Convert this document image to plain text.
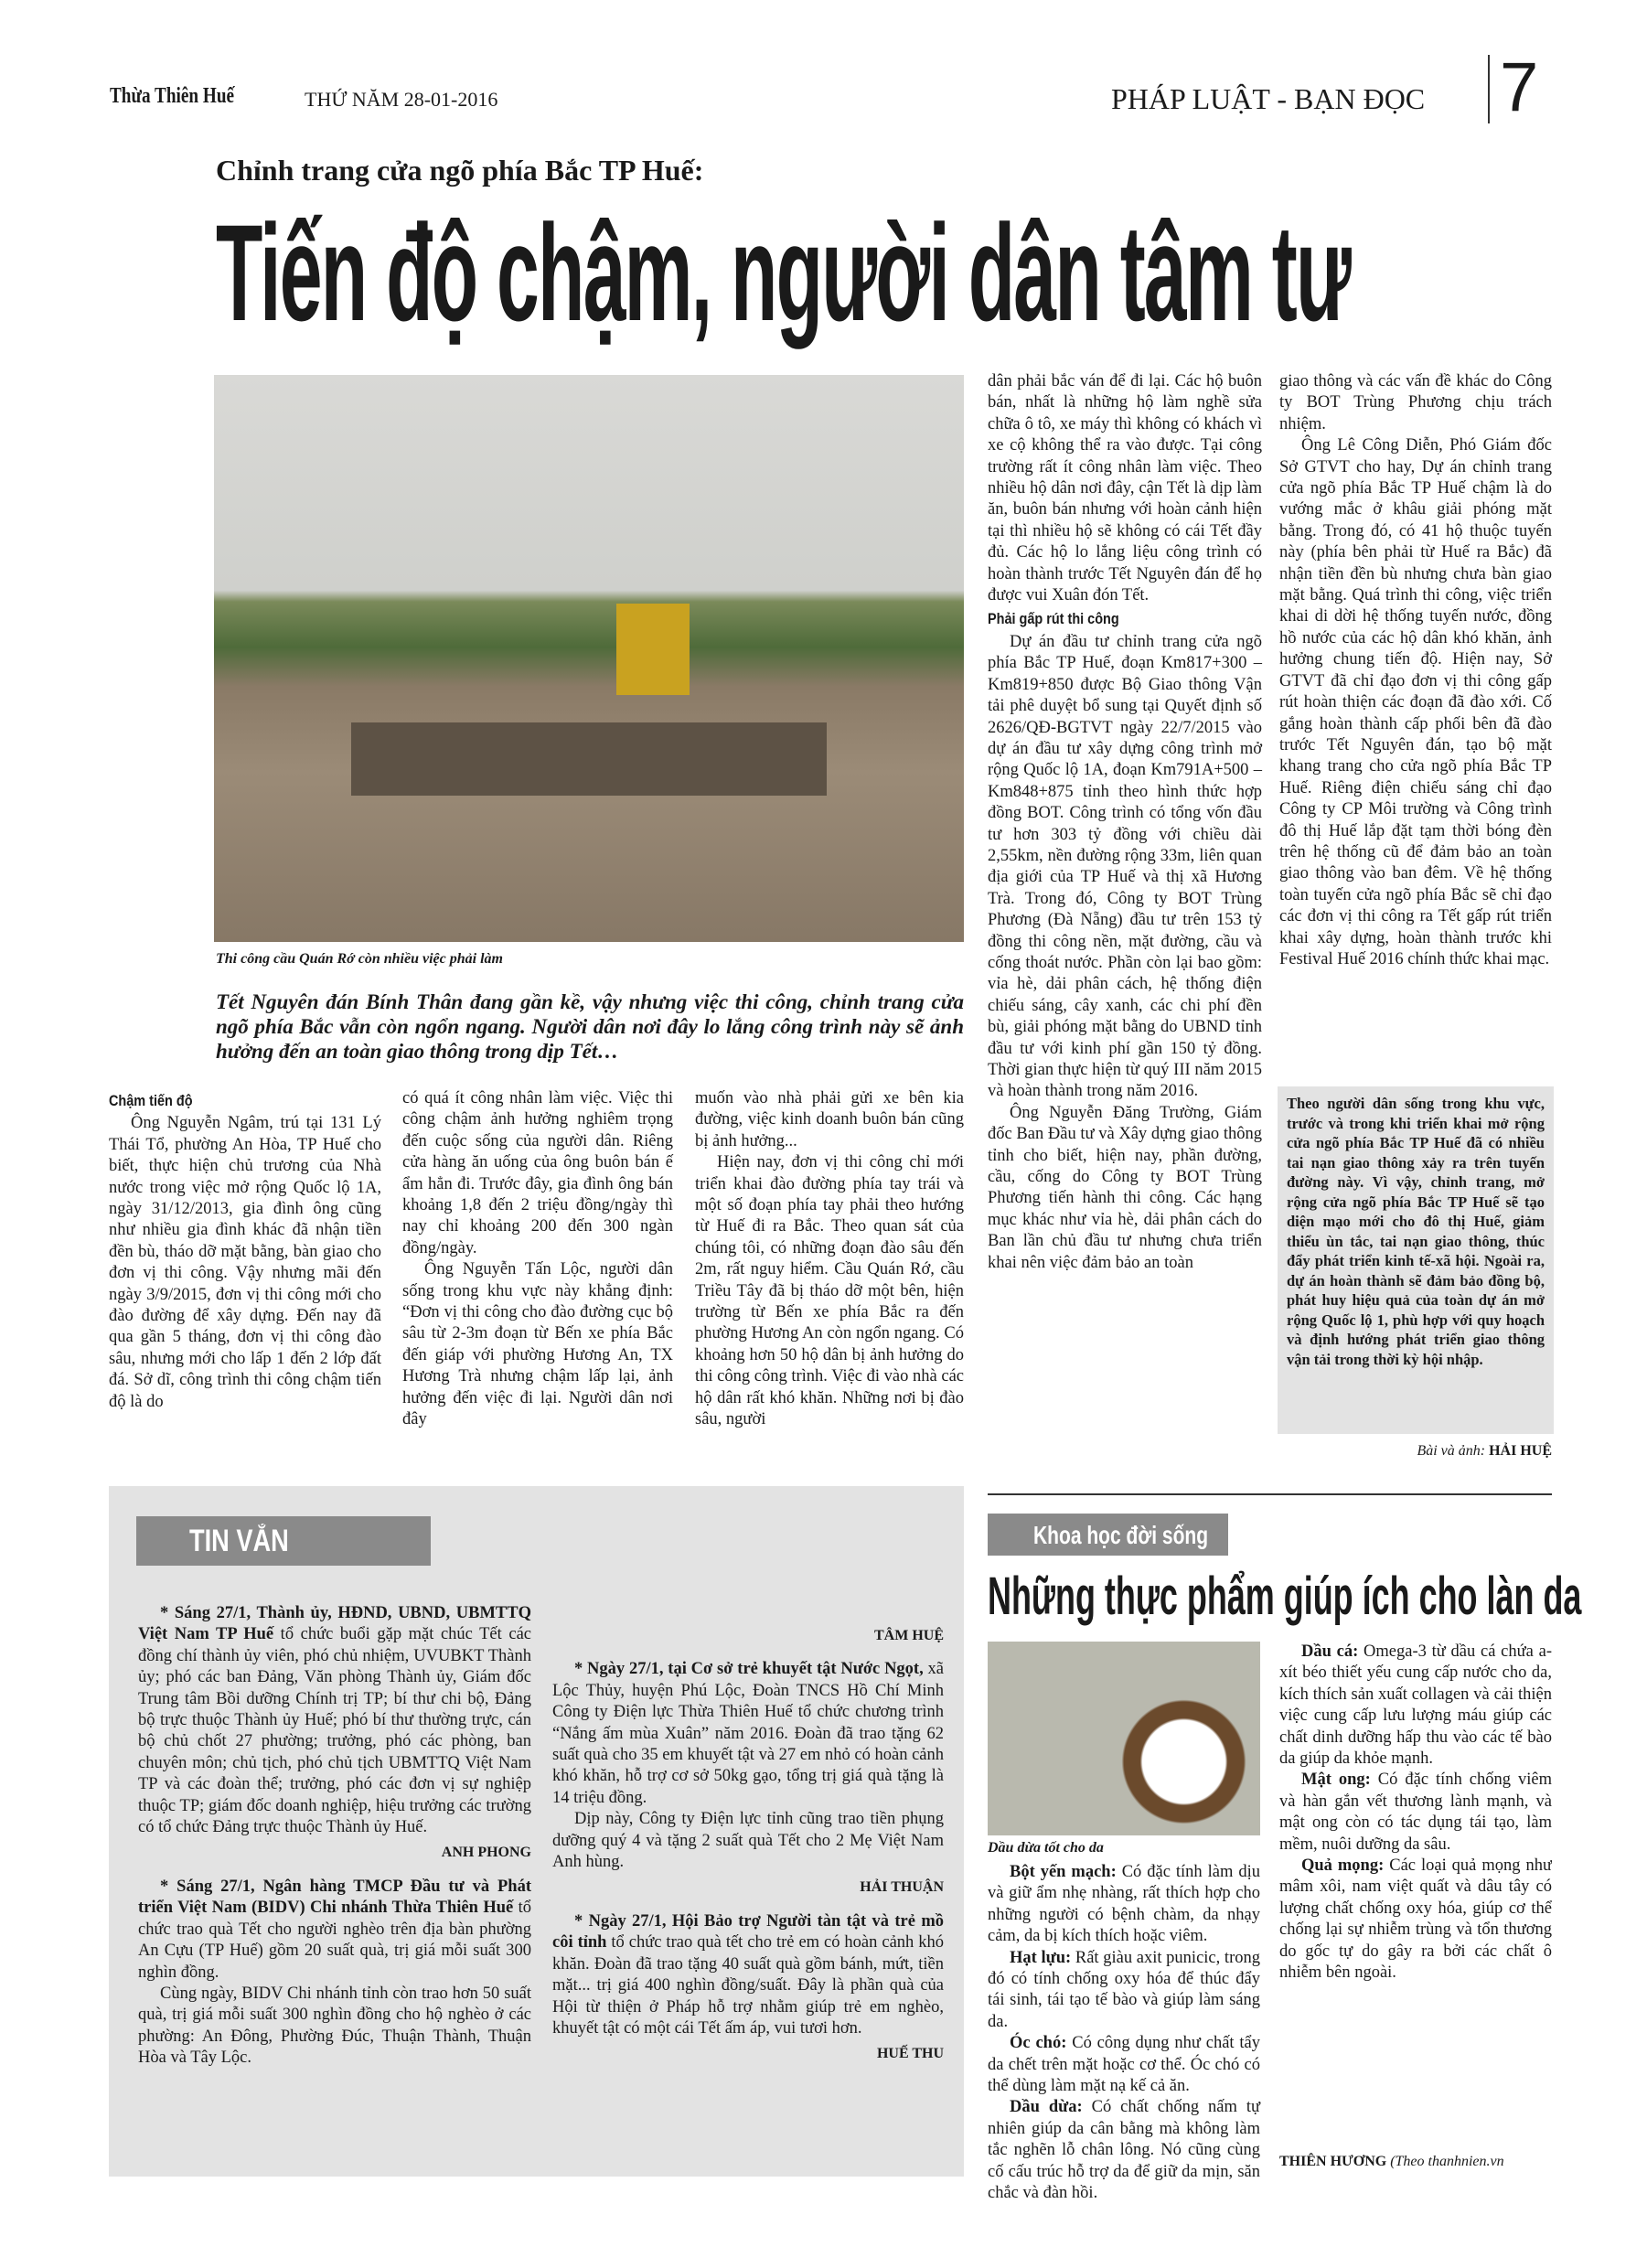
Thừa Thiên Huế	THỨ NĂM 28-01-2016	PHÁP LUẬT - BẠN ĐỌC 7
Chỉnh trang cửa ngõ phía Bắc TP Huế:
Tiến độ chậm, người dân tâm tư
Thi công cầu Quán Rớ còn nhiều việc phải làm
Tết Nguyên đán Bính Thân đang gần kề, vậy nhưng việc thi công, chỉnh trang cửa ngõ phía Bắc vẫn còn ngổn ngang. Người dân nơi đây lo lắng công trình này sẽ ảnh hưởng đến an toàn giao thông trong dịp Tết…
Chậm tiến độ

Ông Nguyễn Ngâm, trú tại 131 Lý Thái Tổ, phường An Hòa, TP Huế cho biết, thực hiện chủ trương của Nhà nước trong việc mở rộng Quốc lộ 1A, ngày 31/12/2013, gia đình ông cũng như nhiều gia đình khác đã nhận tiền đền bù, tháo dỡ mặt bằng, bàn giao cho đơn vị thi công. Vậy nhưng mãi đến ngày 3/9/2015, đơn vị thi công mới cho đào đường để xây dựng. Đến nay đã qua gần 5 tháng, đơn vị thi công đào sâu, nhưng mới cho lấp 1 đến 2 lớp đất đá. Sở dĩ, công trình thi công chậm tiến độ là do

có quá ít công nhân làm việc. Việc thi công chậm ảnh hưởng nghiêm trọng đến cuộc sống của người dân. Riêng cửa hàng ăn uống của ông buôn bán ế ẩm hẳn đi. Trước đây, gia đình ông bán khoảng 1,8 đến 2 triệu đồng/ngày thì nay chỉ khoảng 200 đến 300 ngàn đồng/ngày.

Ông Nguyễn Tấn Lộc, người dân sống trong khu vực này khẳng định: “Đơn vị thi công cho đào đường cục bộ sâu từ 2-3m đoạn từ Bến xe phía Bắc đến giáp với phường Hương An, TX Hương Trà nhưng chậm lấp lại, ảnh hưởng đến việc đi lại. Người dân nơi đây

muốn vào nhà phải gửi xe bên kia đường, việc kinh doanh buôn bán cũng bị ảnh hưởng...

Hiện nay, đơn vị thi công chỉ mới triển khai đào đường phía tay trái và một số đoạn phía tay phải theo hướng từ Huế đi ra Bắc. Theo quan sát của chúng tôi, có những đoạn đào sâu đến 2m, rất nguy hiểm. Cầu Quán Rớ, cầu Triều Tây đã bị tháo dỡ một bên, hiện trường từ Bến xe phía Bắc ra đến phường Hương An còn ngổn ngang. Có khoảng hơn 50 hộ dân bị ảnh hưởng do thi công công trình. Việc đi vào nhà các hộ dân rất khó khăn. Những nơi bị đào sâu, người

dân phải bắc ván để đi lại. Các hộ buôn bán, nhất là những hộ làm nghề sửa chữa ô tô, xe máy thì không có khách vì xe cộ không thể ra vào được. Tại công trường rất ít công nhân làm việc. Theo nhiều hộ dân nơi đây, cận Tết là dịp làm ăn, buôn bán nhưng với hoàn cảnh hiện tại thì nhiều hộ sẽ không có cái Tết đầy đủ. Các hộ lo lắng liệu công trình có hoàn thành trước Tết Nguyên đán để họ được vui Xuân đón Tết.

Phải gấp rút thi công

Dự án đầu tư chỉnh trang cửa ngõ phía Bắc TP Huế, đoạn Km817+300 – Km819+850 được Bộ Giao thông Vận tải phê duyệt bổ sung tại Quyết định số 2626/QĐ-BGTVT ngày 22/7/2015 vào dự án đầu tư xây dựng công trình mở rộng Quốc lộ 1A, đoạn Km791A+500 – Km848+875 tỉnh theo hình thức hợp đồng BOT. Công trình có tổng vốn đầu tư hơn 303 tỷ đồng với chiều dài 2,55km, nền đường rộng 33m, liên quan địa giới của TP Huế và thị xã Hương Trà. Trong đó, Công ty BOT Trùng Phương (Đà Nẵng) đầu tư trên 153 tỷ đồng thi công nền, mặt đường, cầu và cống thoát nước. Phần còn lại bao gồm: vỉa hè, dải phân cách, hệ thống điện chiếu sáng, cây xanh, các chi phí đền bù, giải phóng mặt bằng do UBND tỉnh đầu tư với kinh phí gần 150 tỷ đồng. Thời gian thực hiện từ quý III năm 2015 và hoàn thành trong năm 2016.

Ông Nguyễn Đăng Trường, Giám đốc Ban Đầu tư và Xây dựng giao thông tỉnh cho biết, hiện nay, phần đường, cầu, cống do Công ty BOT Trùng Phương tiến hành thi công. Các hạng mục khác như vỉa hè, dải phân cách do Ban lần chủ đầu tư nhưng chưa triển khai nên việc đảm bảo an toàn

giao thông và các vấn đề khác do Công ty BOT Trùng Phương chịu trách nhiệm.

Ông Lê Công Diễn, Phó Giám đốc Sở GTVT cho hay, Dự án chỉnh trang cửa ngõ phía Bắc TP Huế chậm là do vướng mắc ở khâu giải phóng mặt bằng. Trong đó, có 41 hộ thuộc tuyến này (phía bên phải từ Huế ra Bắc) đã nhận tiền đền bù nhưng chưa bàn giao mặt bằng. Quá trình thi công, việc triển khai di dời hệ thống tuyến nước, đồng hồ nước của các hộ dân khó khăn, ảnh hưởng chung tiến độ. Hiện nay, Sở GTVT đã chỉ đạo đơn vị thi công gấp rút hoàn thiện các đoạn đã đào xới. Cố gắng hoàn thành cấp phối bên đã đào trước Tết Nguyên đán, tạo bộ mặt khang trang cho cửa ngõ phía Bắc TP Huế. Riêng điện chiếu sáng chỉ đạo Công ty CP Môi trường và Công trình đô thị Huế lắp đặt tạm thời bóng đèn trên hệ thống cũ để đảm bảo an toàn giao thông vào ban đêm. Về hệ thống toàn tuyến cửa ngõ phía Bắc sẽ chỉ đạo các đơn vị thi công ra Tết gấp rút triển khai xây dựng, hoàn thành trước khi Festival Huế 2016 chính thức khai mạc.

Theo người dân sống trong khu vực, trước và trong khi triển khai mở rộng cửa ngõ phía Bắc TP Huế đã có nhiều tai nạn giao thông xảy ra trên tuyến đường này. Vì vậy, chỉnh trang, mở rộng cửa ngõ phía Bắc TP Huế sẽ tạo diện mạo mới cho đô thị Huế, giảm thiểu ùn tắc, tai nạn giao thông, thúc đẩy phát triển kinh tế-xã hội. Ngoài ra, dự án hoàn thành sẽ đảm bảo đồng bộ, phát huy hiệu quả của toàn dự án mở rộng Quốc lộ 1, phù hợp với quy hoạch và định hướng phát triển giao thông vận tải trong thời kỳ hội nhập.
Bài và ảnh: HẢI HUỆ
TIN VẮN

* Sáng 27/1, Thành ủy, HĐND, UBND, UBMTTQ Việt Nam TP Huế tổ chức buổi gặp mặt chúc Tết các đồng chí thành ủy viên, phó chủ nhiệm, UVUBKT Thành ủy; phó các ban Đảng, Văn phòng Thành ủy, Giám đốc Trung tâm Bồi dưỡng Chính trị TP; bí thư chi bộ, Đảng bộ trực thuộc Thành ủy Huế; phó bí thư thường trực, cán bộ chủ chốt 27 phường; trưởng, phó các phòng, ban chuyên môn; chủ tịch, phó chủ tịch UBMTTQ Việt Nam TP và các đoàn thể; trưởng, phó các đơn vị sự nghiệp thuộc TP; giám đốc doanh nghiệp, hiệu trưởng các trường có tổ chức Đảng trực thuộc Thành ủy Huế.

ANH PHONG

* Sáng 27/1, Ngân hàng TMCP Đầu tư và Phát triển Việt Nam (BIDV) Chi nhánh Thừa Thiên Huế tổ chức trao quà Tết cho người nghèo trên địa bàn phường An Cựu (TP Huế) gồm 20 suất quà, trị giá mỗi suất 300 nghìn đồng.

Cùng ngày, BIDV Chi nhánh tỉnh còn trao hơn 50 suất quà, trị giá mỗi suất 300 nghìn đồng cho hộ nghèo ở các phường: An Đông, Phường Đúc, Thuận Thành, Thuận Hòa và Tây Lộc.

TÂM HUỆ

* Ngày 27/1, tại Cơ sở trẻ khuyết tật Nước Ngọt, xã Lộc Thủy, huyện Phú Lộc, Đoàn TNCS Hồ Chí Minh Công ty Điện lực Thừa Thiên Huế tổ chức chương trình “Nắng ấm mùa Xuân” năm 2016. Đoàn đã trao tặng 62 suất quà cho 35 em khuyết tật và 27 em nhỏ có hoàn cảnh khó khăn, hỗ trợ cơ sở 50kg gạo, tổng trị giá quà tặng là 14 triệu đồng.

Dịp này, Công ty Điện lực tỉnh cũng trao tiền phụng dưỡng quý 4 và tặng 2 suất quà Tết cho 2 Mẹ Việt Nam Anh hùng.

HẢI THUẬN

* Ngày 27/1, Hội Bảo trợ Người tàn tật và trẻ mồ côi tỉnh tổ chức trao quà tết cho trẻ em có hoàn cảnh khó khăn. Đoàn đã trao tặng 40 suất quà gồm bánh, mứt, tiền mặt... trị giá 400 nghìn đồng/suất. Đây là phần quà của Hội từ thiện ở Pháp hỗ trợ nhằm giúp trẻ em nghèo, khuyết tật có một cái Tết ấm áp, vui tươi hơn.

HUẾ THU
Khoa học đời sống
Những thực phẩm giúp ích cho làn da
Dầu dừa tốt cho da

Bột yến mạch: Có đặc tính làm dịu và giữ ẩm nhẹ nhàng, rất thích hợp cho những người có bệnh chàm, da nhạy cảm, da bị kích thích hoặc viêm.

Hạt lựu: Rất giàu axit punicic, trong đó có tính chống oxy hóa để thúc đẩy tái sinh, tái tạo tế bào và giúp làm sáng da.

Óc chó: Có công dụng như chất tẩy da chết trên mặt hoặc cơ thể. Óc chó có thể dùng làm mặt nạ kế cả ăn.

Dầu dừa: Có chất chống nấm tự nhiên giúp da cân bằng mà không làm tắc nghẽn lỗ chân lông. Nó cũng cùng cố cấu trúc hỗ trợ da để giữ da mịn, săn chắc và đàn hồi.

Dầu cá: Omega-3 từ dầu cá chứa a-xít béo thiết yếu cung cấp nước cho da, kích thích sản xuất collagen và cải thiện việc cung cấp lưu lượng máu giúp các chất dinh dưỡng hấp thu vào các tế bào da giúp da khỏe mạnh.

Mật ong: Có đặc tính chống viêm và hàn gắn vết thương lành mạnh, và mật ong còn có tác dụng tái tạo, làm mềm, nuôi dưỡng da sâu.

Quả mọng: Các loại quả mọng như mâm xôi, nam việt quất và dâu tây có lượng chất chống oxy hóa, giúp cơ thể chống lại sự nhiễm trùng và tổn thương do gốc tự do gây ra bởi các chất ô nhiễm bên ngoài.

THIÊN HƯƠNG (Theo thanhnien.vn
